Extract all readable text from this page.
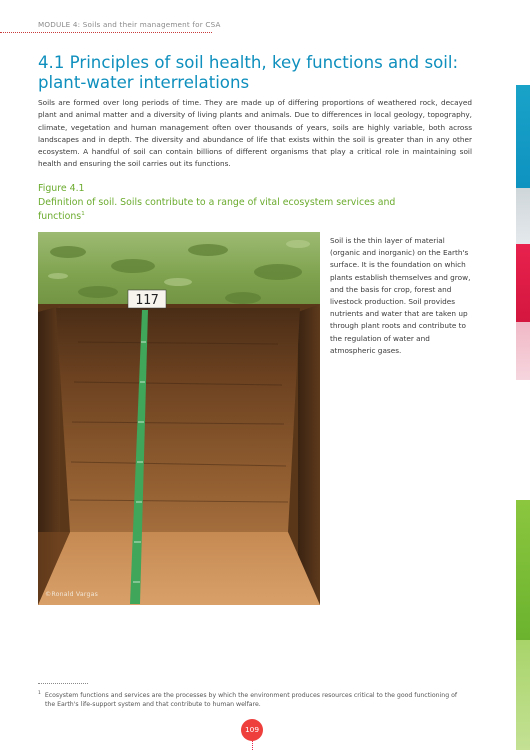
MODULE 4: Soils and their management for CSA
4.1 Principles of soil health, key functions and soil: plant-water interrelations

Soils are formed over long periods of time. They are made up of differing proportions of weathered rock, decayed plant and animal matter and a diversity of living plants and animals. Due to differences in local geology, topography, climate, vegetation and human management often over thousands of years, soils are highly variable, both across landscapes and in depth. The diversity and abundance of life that exists within the soil is greater than in any other ecosystem. A handful of soil can contain billions of different organisms that play a critical role in maintaining soil health and ensuring the soil carries out its functions.

Figure 4.1
Definition of soil. Soils contribute to a range of vital ecosystem services and functions$^1$
117
©Ronald Vargas

Soil is the thin layer of material (organic and inorganic) on the Earth's surface. It is the foundation on which plants establish themselves and grow, and the basis for crop, forest and livestock production. Soil provides nutrients and water that are taken up through plant roots and contribute to the regulation of water and atmospheric gases.

$^1$ Ecosystem functions and services are the processes by which the environment produces resources critical to the good functioning of the Earth's life-support system and that contribute to human welfare.

109
